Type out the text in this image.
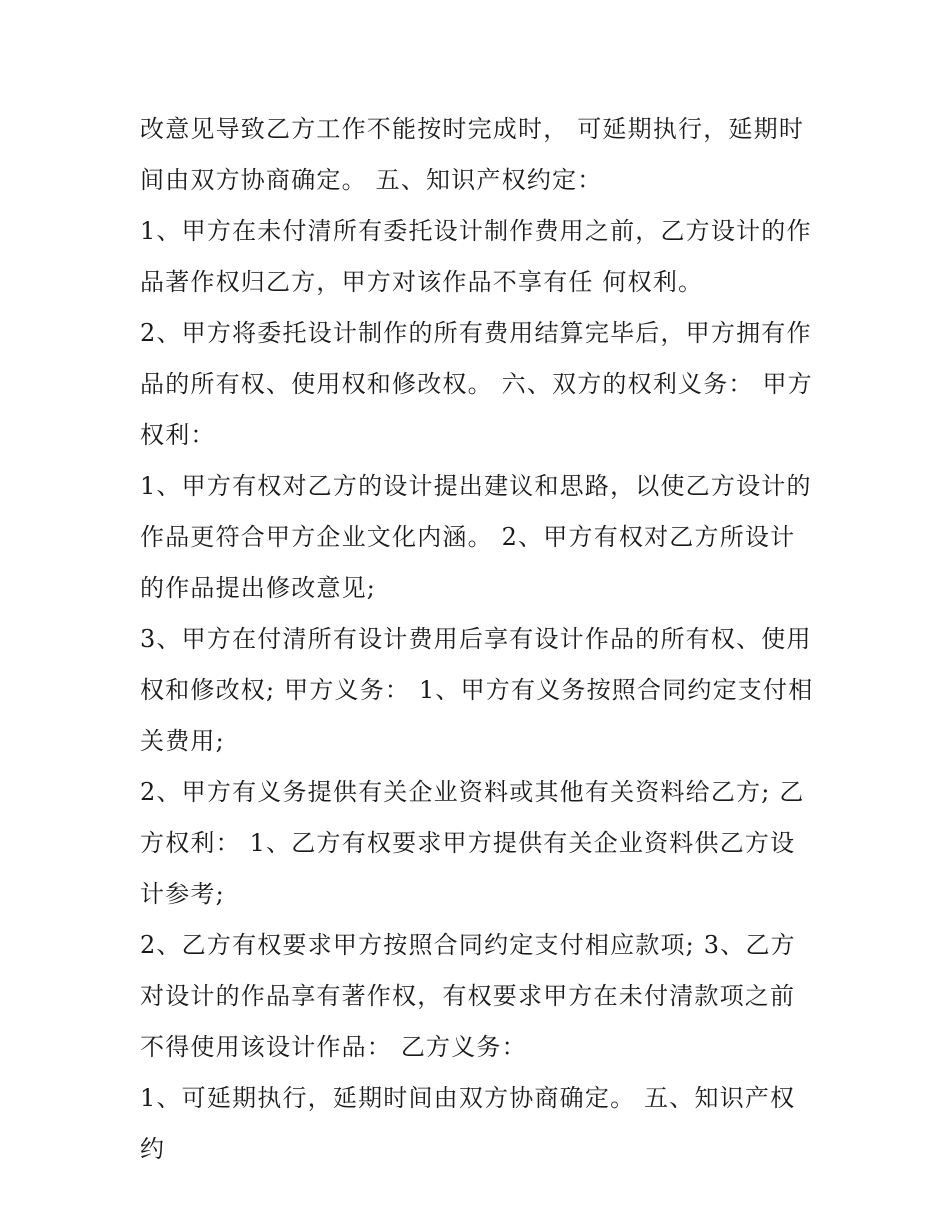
改意见导致乙方工作不能按时完成时， 可延期执行，延期时间由双方协商确定。 五、知识产权约定：

1、甲方在未付清所有委托设计制作费用之前，乙方设计的作品著作权归乙方，甲方对该作品不享有任 何权利。

2、甲方将委托设计制作的所有费用结算完毕后，甲方拥有作品的所有权、使用权和修改权。 六、双方的权利义务： 甲方权利：

1、甲方有权对乙方的设计提出建议和思路，以使乙方设计的作品更符合甲方企业文化内涵。 2、甲方有权对乙方所设计的作品提出修改意见;

3、甲方在付清所有设计费用后享有设计作品的所有权、使用权和修改权; 甲方义务： 1、甲方有义务按照合同约定支付相关费用;

2、甲方有义务提供有关企业资料或其他有关资料给乙方; 乙方权利： 1、乙方有权要求甲方提供有关企业资料供乙方设计参考;

2、乙方有权要求甲方按照合同约定支付相应款项; 3、乙方对设计的作品享有著作权，有权要求甲方在未付清款项之前不得使用该设计作品： 乙方义务：

1、可延期执行，延期时间由双方协商确定。 五、知识产权约
